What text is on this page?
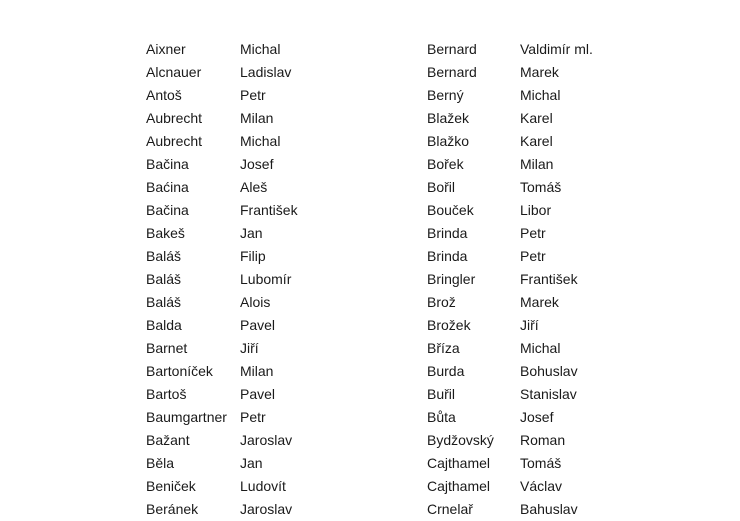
Aixner	Michal
Alcnauer	Ladislav
Antoš	Petr
Aubrecht	Milan
Aubrecht	Michal
Bačina	Josef
Baćina	Aleš
Bačina	František
Bakeš	Jan
Baláš	Filip
Baláš	Lubomír
Baláš	Alois
Balda	Pavel
Barnet	Jiří
Bartoníček Milan
Bartoš	Pavel
Baumgartner Petr
Bažant	Jaroslav
Běla	Jan
Beniček	Ludovít
Beránek	Jaroslav
Bernard	Valdimír ml.
Bernard	Marek
Berný	Michal
Blažek	Karel
Blažko	Karel
Bořek	Milan
Bořil	Tomáš
Bouček	Libor
Brinda	Petr
Brinda	Petr
Bringler	František
Brož	Marek
Brožek	Jiří
Bříza	Michal
Burda	Bohuslav
Buřil	Stanislav
Bůta	Josef
Bydžovský Roman
Cajthamel Tomáš
Cajthamel Václav
Crnelař	Bahuslav
